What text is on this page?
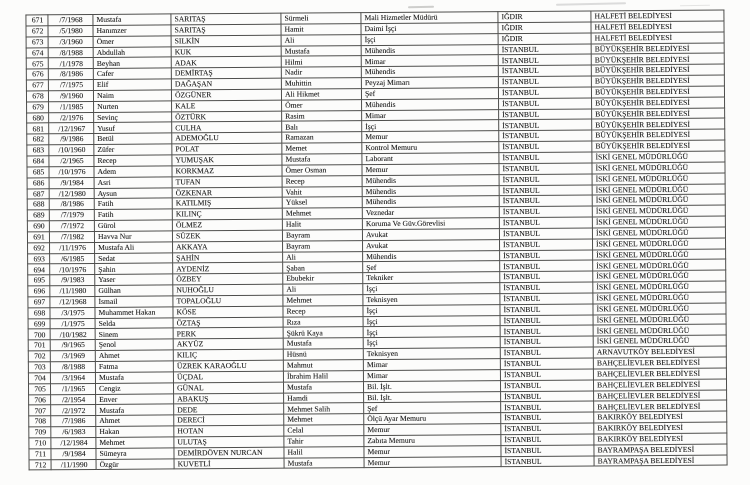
671	/7/1968	Mustafa	SARITAŞ	Sürmeli	Mali Hizmetler Müdürü	IĞDIR	HALFETİ BELEDİYESİ
672	/5/1980	Hanımzer	SARITAŞ	Hamit	Daimi İşçi	IĞDIR	HALFETİ BELEDİYESİ
673	/3/1960	Ömer	SILKİN	Ali	İşçi	IĞDIR	HALFETİ BELEDİYESİ
674	/8/1988	Abdullah	KUK	Mustafa	Mühendis	İSTANBUL	BÜYÜKŞEHİR BELEDİYESİ
675	/1/1978	Beyhan	ADAK	Hilmi	Mimar	İSTANBUL	BÜYÜKŞEHİR BELEDİYESİ
676	/8/1986	Cafer	DEMİRTAŞ	Nadir	Mühendis	İSTANBUL	BÜYÜKŞEHİR BELEDİYESİ
677	/7/1975	Elif	DAĞAŞAN	Muhittin	Peyzaj Mimarı	İSTANBUL	BÜYÜKŞEHİR BELEDİYESİ
678	/9/1960	Naim	ÖZGÜNER	Ali Hikmet	Şef	İSTANBUL	BÜYÜKŞEHİR BELEDİYESİ
679	/1/1985	Nurten	KALE	Ömer	Mühendis	İSTANBUL	BÜYÜKŞEHİR BELEDİYESİ
680	/2/1976	Sevinç	ÖZTÜRK	Rasim	Mimar	İSTANBUL	BÜYÜKŞEHİR BELEDİYESİ
681	/12/1967	Yusuf	CULHA	Balı	İşçi	İSTANBUL	BÜYÜKŞEHİR BELEDİYESİ
682	/9/1986	Betül	ADEMOĞLU	Ramazan	Memur	İSTANBUL	BÜYÜKŞEHİR BELEDİYESİ
683	/10/1960	Züfer	POLAT	Memet	Kontrol Memuru	İSTANBUL	BÜYÜKŞEHİR BELEDİYESİ
684	/2/1965	Recep	YUMUŞAK	Mustafa	Laborant	İSTANBUL	İSKİ GENEL MÜDÜRLÜĞÜ
685	/10/1976	Adem	KORKMAZ	Ömer Osman	Memur	İSTANBUL	İSKİ GENEL MÜDÜRLÜĞÜ
686	/9/1984	Asri	TUFAN	Recep	Mühendis	İSTANBUL	İSKİ GENEL MÜDÜRLÜĞÜ
687	/12/1980	Aysun	ÖZKENAR	Vahit	Mühendis	İSTANBUL	İSKİ GENEL MÜDÜRLÜĞÜ
688	/8/1986	Fatih	KATILMIŞ	Yüksel	Mühendis	İSTANBUL	İSKİ GENEL MÜDÜRLÜĞÜ
689	/7/1979	Fatih	KILINÇ	Mehmet	Veznedar	İSTANBUL	İSKİ GENEL MÜDÜRLÜĞÜ
690	/7/1972	Gürol	ÖLMEZ	Halit	Koruma Ve Güv.Görevlisi	İSTANBUL	İSKİ GENEL MÜDÜRLÜĞÜ
691	/7/1982	Havva Nur	SÜZEK	Bayram	Avukat	İSTANBUL	İSKİ GENEL MÜDÜRLÜĞÜ
692	/11/1976	Mustafa Ali	AKKAYA	Bayram	Avukat	İSTANBUL	İSKİ GENEL MÜDÜRLÜĞÜ
693	/6/1985	Sedat	ŞAHİN	Ali	Mühendis	İSTANBUL	İSKİ GENEL MÜDÜRLÜĞÜ
694	/10/1976	Şahin	AYDENİZ	Şaban	Şef	İSTANBUL	İSKİ GENEL MÜDÜRLÜĞÜ
695	/9/1983	Yaser	ÖZBEY	Ebubekir	Tekniker	İSTANBUL	İSKİ GENEL MÜDÜRLÜĞÜ
696	/11/1980	Gülhan	NUHOĞLU	Ali	İşçi	İSTANBUL	İSKİ GENEL MÜDÜRLÜĞÜ
697	/12/1968	İsmail	TOPALOĞLU	Mehmet	Teknisyen	İSTANBUL	İSKİ GENEL MÜDÜRLÜĞÜ
698	/3/1975	Muhammet Hakan	KÖSE	Recep	İşçi	İSTANBUL	İSKİ GENEL MÜDÜRLÜĞÜ
699	/1/1975	Selda	ÖZTAŞ	Rıza	İşçi	İSTANBUL	İSKİ GENEL MÜDÜRLÜĞÜ
700	/10/1982	Sinem	PERK	Şükrü Kaya	İşçi	İSTANBUL	İSKİ GENEL MÜDÜRLÜĞÜ
701	/9/1965	Şenol	AKYÜZ	Mustafa	İşçi	İSTANBUL	İSKİ GENEL MÜDÜRLÜĞÜ
702	/3/1969	Ahmet	KILIÇ	Hüsnü	Teknisyen	İSTANBUL	ARNAVUTKÖY BELEDİYESİ
703	/8/1988	Fatma	ÜZREK KARAOĞLU	Mahmut	Mimar	İSTANBUL	BAHÇELİEVLER BELEDİYESİ
704	/3/1964	Mustafa	ÜÇDAL	İbrahim Halil	Mimar	İSTANBUL	BAHÇELİEVLER BELEDİYESİ
705	/1/1965	Cengiz	GÜNAL	Mustafa	Bil. İşlt.	İSTANBUL	BAHÇELİEVLER BELEDİYESİ
706	/2/1954	Enver	ABAKUŞ	Hamdi	Bil. İşlt.	İSTANBUL	BAHÇELİEVLER BELEDİYESİ
707	/2/1972	Mustafa	DEDE	Mehmet Salih	Şef	İSTANBUL	BAHÇELİEVLER BELEDİYESİ
708	/7/1986	Ahmet	DERECİ	Mehmet	Ölçü Ayar Memuru	İSTANBUL	BAKIRKÖY BELEDİYESİ
709	/6/1983	Hakan	HOTAN	Celal	Memur	İSTANBUL	BAKIRKÖY BELEDİYESİ
710	/12/1984	Mehmet	ULUTAŞ	Tahir	Zabıta Memuru	İSTANBUL	BAKIRKÖY BELEDİYESİ
711	/9/1984	Sümeyra	DEMİRDÖVEN NURCAN	Halil	Memur	İSTANBUL	BAYRAMPAŞA BELEDİYESİ
712	/11/1990	Özgür	KUVETLİ	Mustafa	Memur	İSTANBUL	BAYRAMPAŞA BELEDİYESİ
